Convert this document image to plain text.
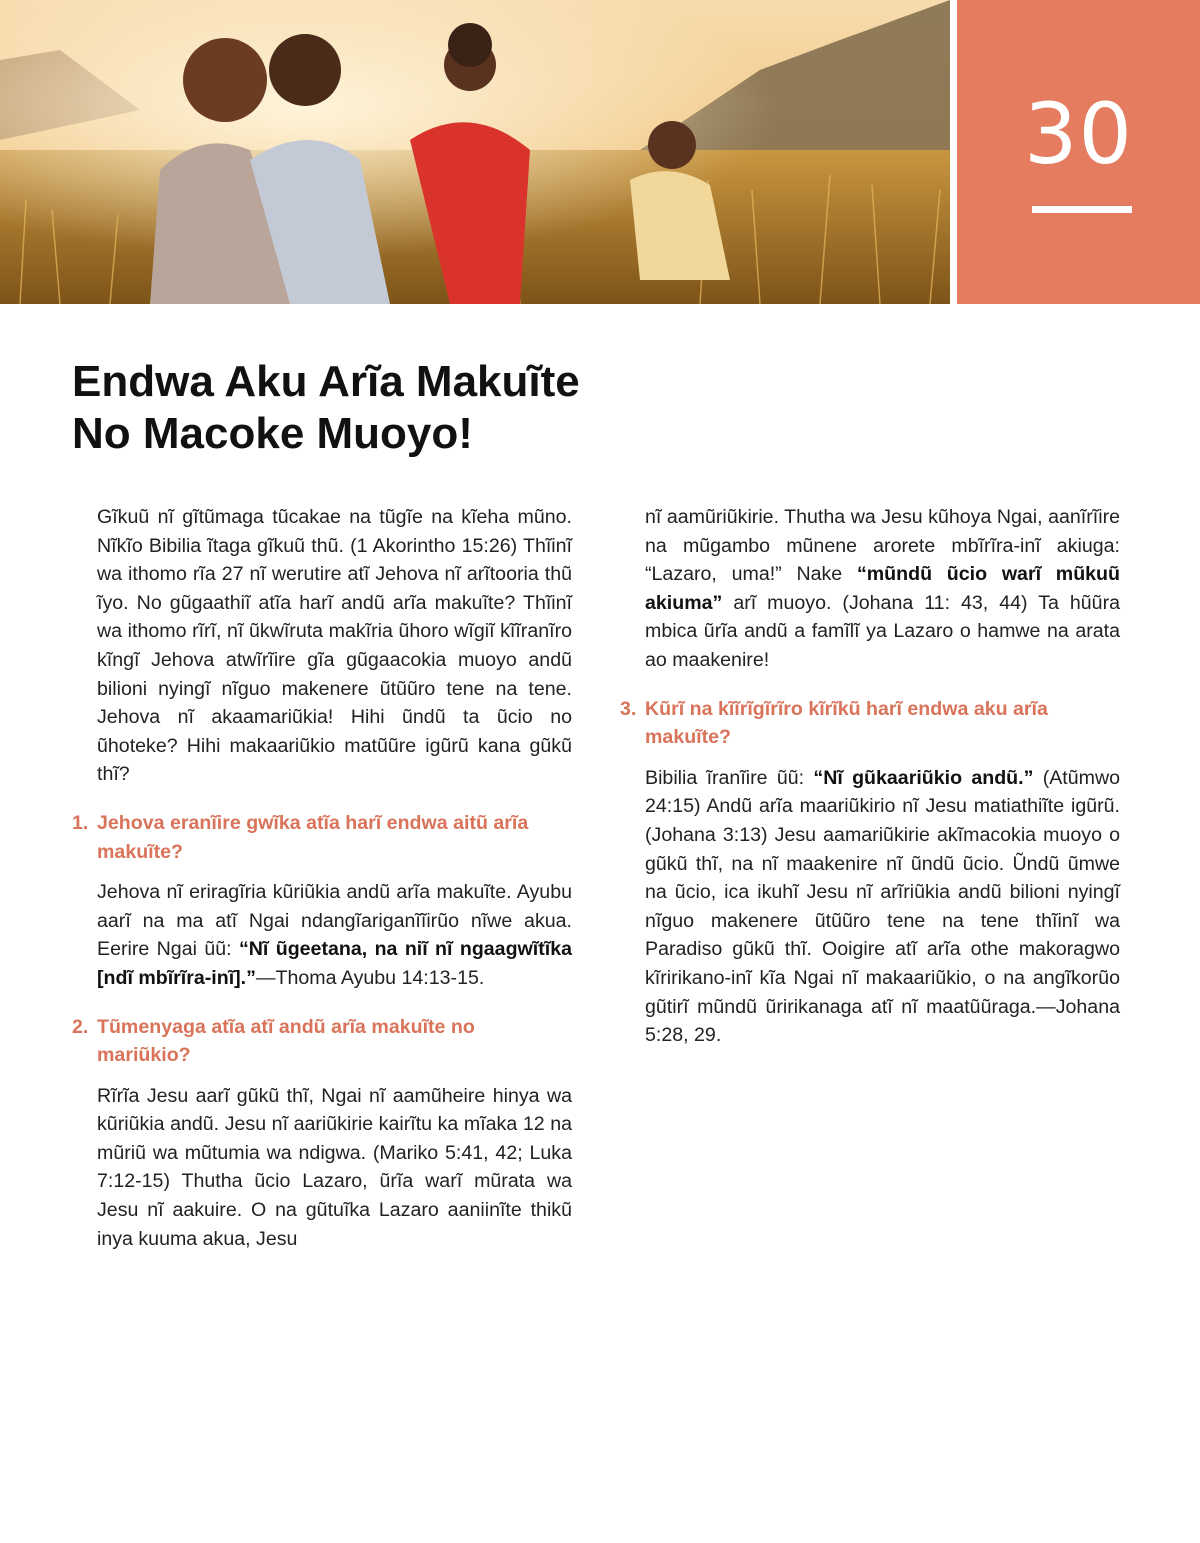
30
Endwa Aku Arĩa Makuĩte
No Macoke Muoyo!

Gĩkuũ nĩ gĩtũmaga tũcakae na tũgĩe na kĩeha mũno. Nĩkĩo Bibilia ĩtaga gĩkuũ thũ. (1 Akorintho 15:26) Thĩinĩ wa ithomo rĩa 27 nĩ werutire atĩ Jehova nĩ arĩtooria thũ ĩyo. No gũgaathiĩ atĩa harĩ andũ arĩa makuĩte? Thĩinĩ wa ithomo rĩrĩ, nĩ ũkwĩruta makĩria ũhoro wĩgiĩ kĩĩranĩro kĩngĩ Jehova atwĩrĩire gĩa gũgaacokia muoyo andũ bilioni nyingĩ nĩguo makenere ũtũũro tene na tene. Jehova nĩ akaamariũkia! Hihi ũndũ ta ũcio no ũhoteke? Hihi makaariũkio matũũre igũrũ kana gũkũ thĩ?

1. Jehova eranĩire gwĩka atĩa harĩ endwa aitũ arĩa makuĩte?

Jehova nĩ eriragĩria kũriũkia andũ arĩa makuĩte. Ayubu aarĩ na ma atĩ Ngai ndangĩariganĩĩirũo nĩwe akua. Eerire Ngai ũũ: “Nĩ ũgeetana, na niĩ nĩ ngaagwĩtĩka [ndĩ mbĩrĩra-inĩ].”—Thoma Ayubu 14:13-15.

2. Tũmenyaga atĩa atĩ andũ arĩa makuĩte no mariũkio?

Rĩrĩa Jesu aarĩ gũkũ thĩ, Ngai nĩ aamũheire hinya wa kũriũkia andũ. Jesu nĩ aariũkirie kairĩtu ka mĩaka 12 na mũriũ wa mũtumia wa ndigwa. (Mariko 5:41, 42; Luka 7:12-15) Thutha ũcio Lazaro, ũrĩa warĩ mũrata wa Jesu nĩ aakuire. O na gũtuĩka Lazaro aaniinĩte thikũ inya kuuma akua, Jesu

nĩ aamũriũkirie. Thutha wa Jesu kũhoya Ngai, aanĩrĩire na mũgambo mũnene arorete mbĩrĩra-inĩ akiuga: “Lazaro, uma!” Nake “mũndũ ũcio warĩ mũkuũ akiuma” arĩ muoyo. (Johana 11: 43, 44) Ta hũũra mbica ũrĩa andũ a famĩlĩ ya Lazaro o hamwe na arata ao maakenire!

3. Kũrĩ na kĩĩrĩgĩrĩro kĩrĩkũ harĩ endwa aku arĩa makuĩte?

Bibilia ĩranĩire ũũ: “Nĩ gũkaariũkio andũ.” (Atũmwo 24:15) Andũ arĩa maariũkirio nĩ Jesu matiathiĩte igũrũ. (Johana 3:13) Jesu aamariũkirie akĩmacokia muoyo o gũkũ thĩ, na nĩ maakenire nĩ ũndũ ũcio. Ũndũ ũmwe na ũcio, ica ikuhĩ Jesu nĩ arĩriũkia andũ bilioni nyingĩ nĩguo makenere ũtũũro tene na tene thĩinĩ wa Paradiso gũkũ thĩ. Ooigire atĩ arĩa othe makoragwo kĩririkano-inĩ kĩa Ngai nĩ makaariũkio, o na angĩkorũo gũtirĩ mũndũ ũririkanaga atĩ nĩ maatũũraga.—Johana 5:28, 29.
